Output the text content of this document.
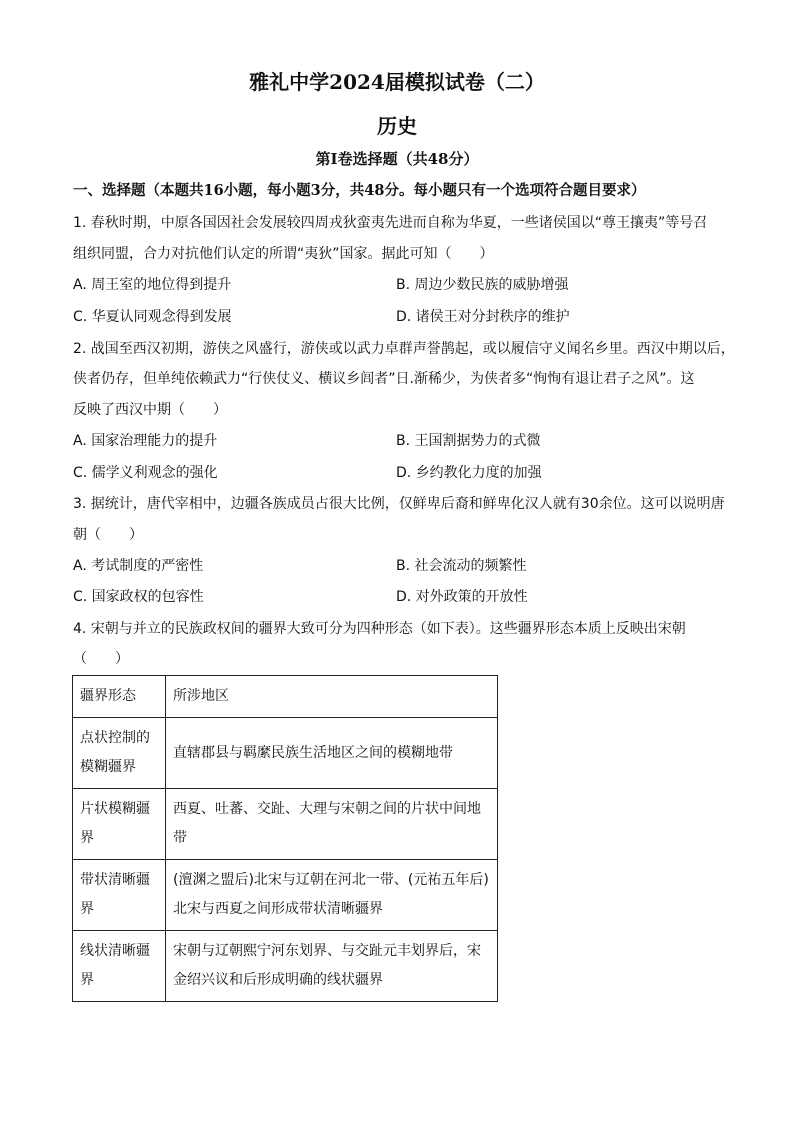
雅礼中学2024届模拟试卷（二）
历史
第Ⅰ卷选择题（共48分）
一、选择题（本题共16小题，每小题3分，共48分。每小题只有一个选项符合题目要求）
1. 春秋时期，中原各国因社会发展较四周戎狄蛮夷先进而自称为华夏，一些诸侯国以“尊王攘夷”等号召
组织同盟，合力对抗他们认定的所谓“夷狄”国家。据此可知（　　）
A. 周王室的地位得到提升	B. 周边少数民族的威胁增强
C. 华夏认同观念得到发展	D. 诸侯王对分封秩序的维护
2. 战国至西汉初期，游侠之风盛行，游侠或以武力卓群声誉鹊起，或以履信守义闻名乡里。西汉中期以后，
侠者仍存，但单纯依赖武力“行侠仗义、横议乡闾者”日.渐稀少，为侠者多“恂恂有退让君子之风”。这
反映了西汉中期（　　）
A. 国家治理能力的提升	B. 王国割据势力的式微
C. 儒学义利观念的强化	D. 乡约教化力度的加强
3. 据统计，唐代宰相中，边疆各族成员占很大比例，仅鲜卑后裔和鲜卑化汉人就有30余位。这可以说明唐
朝（　　）
A. 考试制度的严密性	B. 社会流动的频繁性
C. 国家政权的包容性	D. 对外政策的开放性
4. 宋朝与并立的民族政权间的疆界大致可分为四种形态（如下表）。这些疆界形态本质上反映出宋朝
（　　）
疆界形态	所涉地区
点状控制的模糊疆界	直辖郡县与羁縻民族生活地区之间的模糊地带
片状模糊疆界	西夏、吐蕃、交趾、大理与宋朝之间的片状中间地带
带状清晰疆界	(澶渊之盟后)北宋与辽朝在河北一带、(元祐五年后)北宋与西夏之间形成带状清晰疆界
线状清晰疆界	宋朝与辽朝熙宁河东划界、与交趾元丰划界后，宋金绍兴议和后形成明确的线状疆界
